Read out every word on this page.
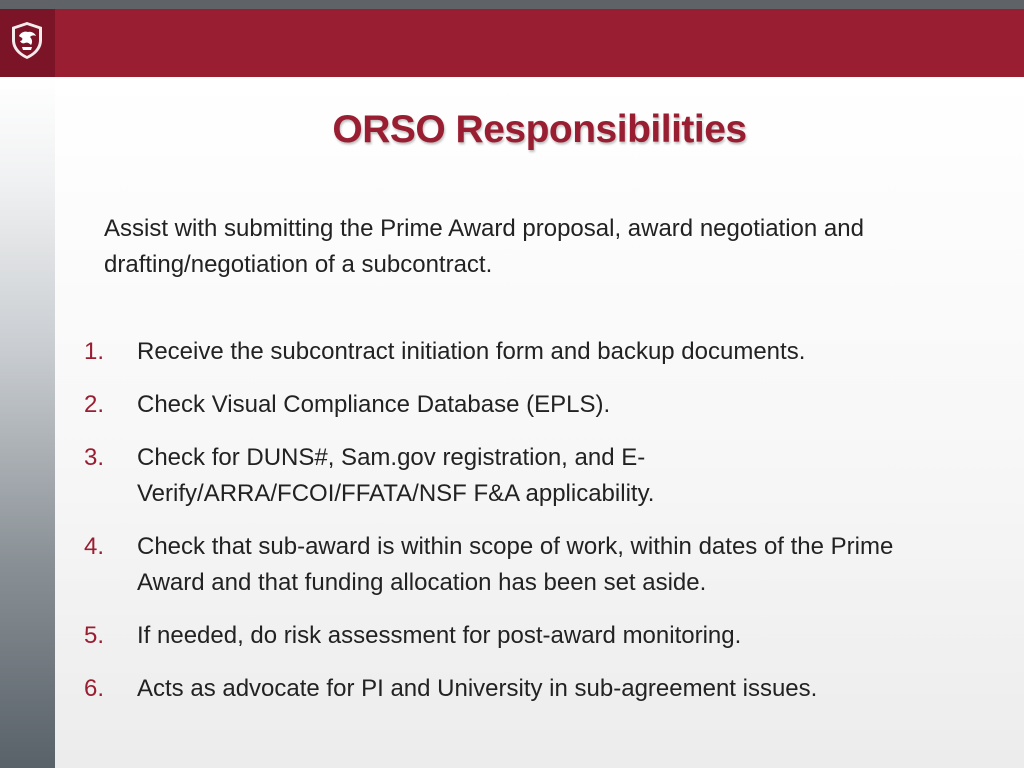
ORSO Responsibilities
Assist with submitting the Prime Award proposal, award negotiation and drafting/negotiation of a subcontract.
1.	Receive the subcontract initiation form and backup documents.
2.	Check Visual Compliance Database (EPLS).
3.	Check for DUNS#, Sam.gov registration, and E-Verify/ARRA/FCOI/FFATA/NSF F&A applicability.
4.	Check that sub-award is within scope of work, within dates of the Prime Award and that funding allocation has been set aside.
5.	If needed, do risk assessment for post-award monitoring.
6.	Acts as advocate for PI and University in sub-agreement issues.
